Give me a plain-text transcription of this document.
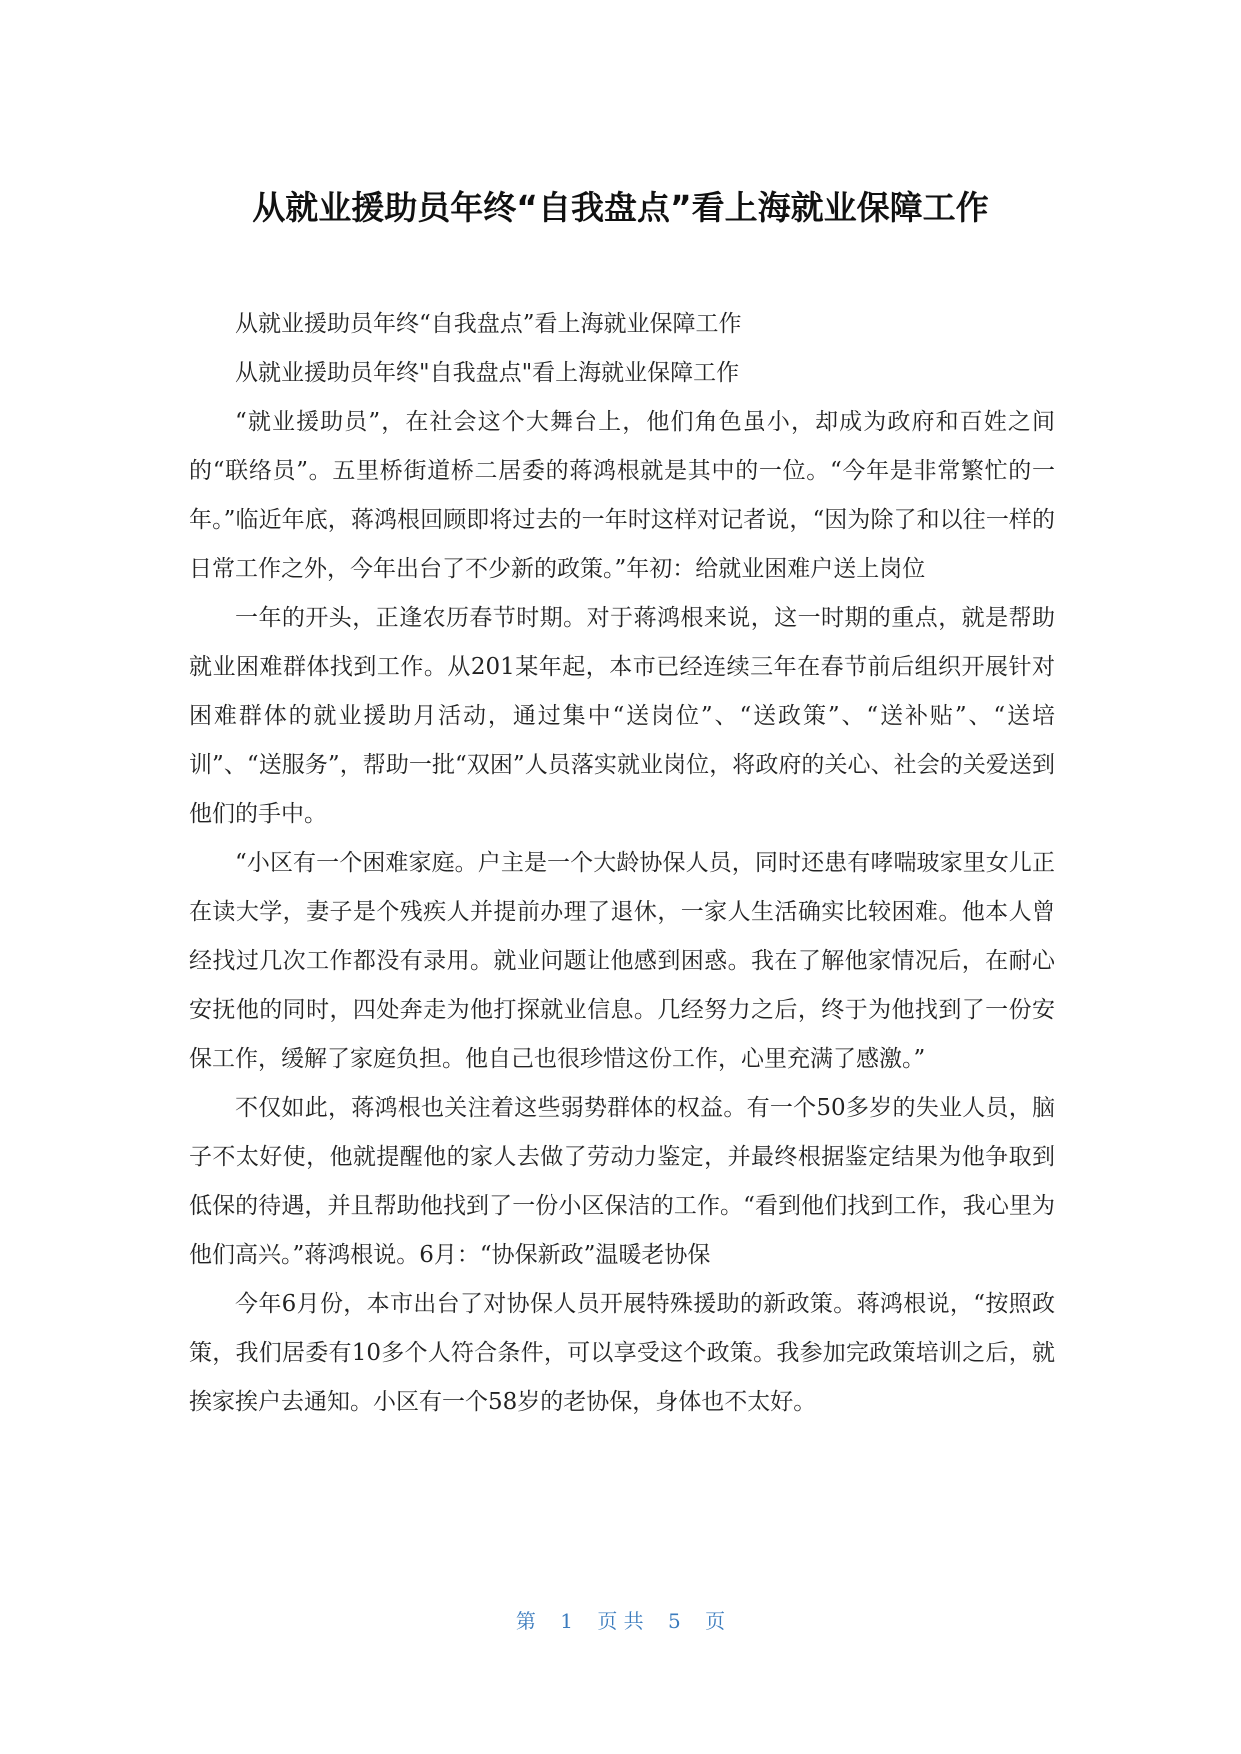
从就业援助员年终“自我盘点”看上海就业保障工作

从就业援助员年终“自我盘点”看上海就业保障工作

从就业援助员年终"自我盘点"看上海就业保障工作

“就业援助员”，在社会这个大舞台上，他们角色虽小，却成为政府和百姓之间的“联络员”。五里桥街道桥二居委的蒋鸿根就是其中的一位。“今年是非常繁忙的一年。”临近年底，蒋鸿根回顾即将过去的一年时这样对记者说，“因为除了和以往一样的日常工作之外，今年出台了不少新的政策。”年初：给就业困难户送上岗位

一年的开头，正逢农历春节时期。对于蒋鸿根来说，这一时期的重点，就是帮助就业困难群体找到工作。从201某年起，本市已经连续三年在春节前后组织开展针对困难群体的就业援助月活动，通过集中“送岗位”、“送政策”、“送补贴”、“送培训”、“送服务”，帮助一批“双困”人员落实就业岗位，将政府的关心、社会的关爱送到他们的手中。

“小区有一个困难家庭。户主是一个大龄协保人员，同时还患有哮喘玻家里女儿正在读大学，妻子是个残疾人并提前办理了退休，一家人生活确实比较困难。他本人曾经找过几次工作都没有录用。就业问题让他感到困惑。我在了解他家情况后，在耐心安抚他的同时，四处奔走为他打探就业信息。几经努力之后，终于为他找到了一份安保工作，缓解了家庭负担。他自己也很珍惜这份工作，心里充满了感激。”

不仅如此，蒋鸿根也关注着这些弱势群体的权益。有一个50多岁的失业人员，脑子不太好使，他就提醒他的家人去做了劳动力鉴定，并最终根据鉴定结果为他争取到低保的待遇，并且帮助他找到了一份小区保洁的工作。“看到他们找到工作，我心里为他们高兴。”蒋鸿根说。6月：“协保新政”温暖老协保

今年6月份，本市出台了对协保人员开展特殊援助的新政策。蒋鸿根说，“按照政策，我们居委有10多个人符合条件，可以享受这个政策。我参加完政策培训之后，就挨家挨户去通知。小区有一个58岁的老协保，身体也不太好。

第 1 页 共 5 页
